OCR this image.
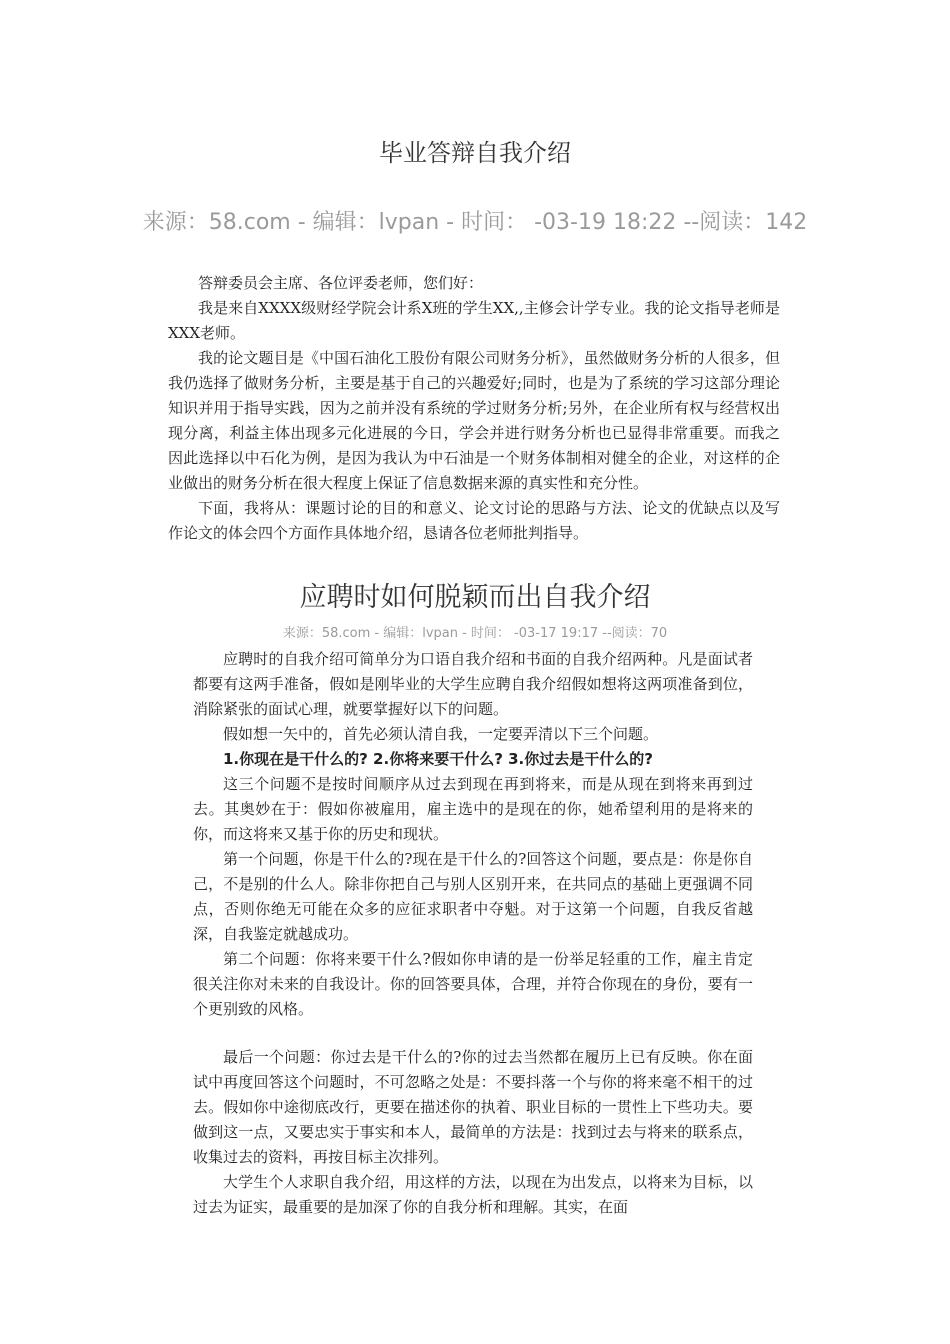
毕业答辩自我介绍
来源：58.com - 编辑：lvpan - 时间： -03-19 18:22 --阅读：142

答辩委员会主席、各位评委老师，您们好：

我是来自XXXX级财经学院会计系X班的学生XX,,主修会计学专业。我的论文指导老师是XXX老师。

我的论文题目是《中国石油化工股份有限公司财务分析》，虽然做财务分析的人很多，但我仍选择了做财务分析，主要是基于自己的兴趣爱好;同时，也是为了系统的学习这部分理论知识并用于指导实践，因为之前并没有系统的学过财务分析;另外，在企业所有权与经营权出现分离，利益主体出现多元化进展的今日，学会并进行财务分析也已显得非常重要。而我之因此选择以中石化为例，是因为我认为中石油是一个财务体制相对健全的企业，对这样的企业做出的财务分析在很大程度上保证了信息数据来源的真实性和充分性。

下面，我将从：课题讨论的目的和意义、论文讨论的思路与方法、论文的优缺点以及写作论文的体会四个方面作具体地介绍，恳请各位老师批判指导。

应聘时如何脱颖而出自我介绍
来源：58.com - 编辑：lvpan - 时间： -03-17 19:17 --阅读：70

应聘时的自我介绍可简单分为口语自我介绍和书面的自我介绍两种。凡是面试者都要有这两手准备，假如是刚毕业的大学生应聘自我介绍假如想将这两项准备到位，消除紧张的面试心理，就要掌握好以下的问题。

假如想一矢中的，首先必须认清自我，一定要弄清以下三个问题。

1.你现在是干什么的? 2.你将来要干什么? 3.你过去是干什么的?

这三个问题不是按时间顺序从过去到现在再到将来，而是从现在到将来再到过去。其奥妙在于：假如你被雇用，雇主选中的是现在的你，她希望利用的是将来的你，而这将来又基于你的历史和现状。

第一个问题，你是干什么的?现在是干什么的?回答这个问题，要点是：你是你自己，不是别的什么人。除非你把自己与别人区别开来，在共同点的基础上更强调不同点，否则你绝无可能在众多的应征求职者中夺魁。对于这第一个问题，自我反省越深，自我鉴定就越成功。

第二个问题：你将来要干什么?假如你申请的是一份举足轻重的工作，雇主肯定很关注你对未来的自我设计。你的回答要具体，合理，并符合你现在的身份，要有一个更别致的风格。

最后一个问题：你过去是干什么的?你的过去当然都在履历上已有反映。你在面试中再度回答这个问题时，不可忽略之处是：不要抖落一个与你的将来毫不相干的过去。假如你中途彻底改行，更要在描述你的执着、职业目标的一贯性上下些功夫。要做到这一点，又要忠实于事实和本人，最简单的方法是：找到过去与将来的联系点，收集过去的资料，再按目标主次排列。

大学生个人求职自我介绍，用这样的方法，以现在为出发点，以将来为目标，以过去为证实，最重要的是加深了你的自我分析和理解。其实，在面
